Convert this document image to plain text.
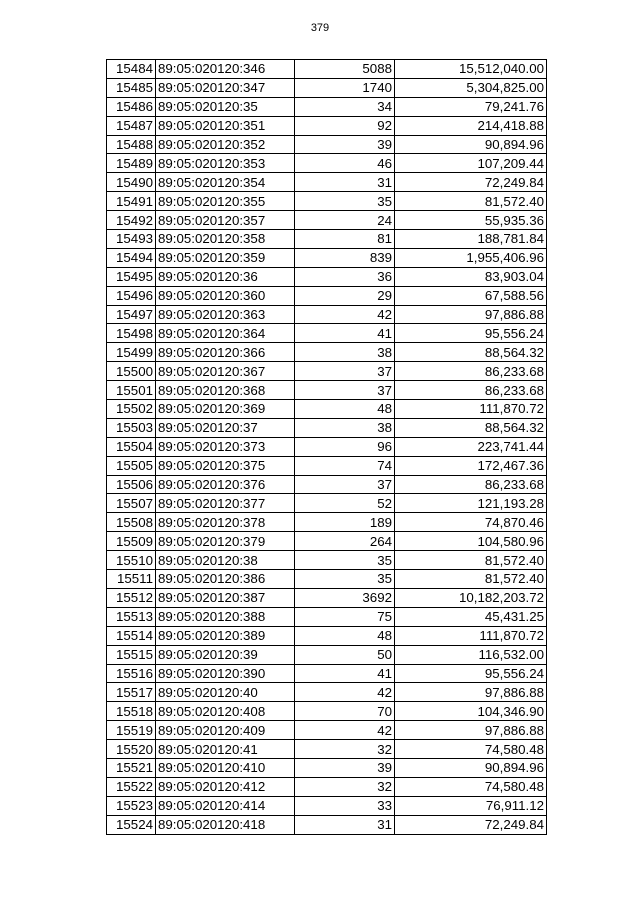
379
15484	89:05:020120:346	5088	15,512,040.00
15485	89:05:020120:347	1740	5,304,825.00
15486	89:05:020120:35	34	79,241.76
15487	89:05:020120:351	92	214,418.88
15488	89:05:020120:352	39	90,894.96
15489	89:05:020120:353	46	107,209.44
15490	89:05:020120:354	31	72,249.84
15491	89:05:020120:355	35	81,572.40
15492	89:05:020120:357	24	55,935.36
15493	89:05:020120:358	81	188,781.84
15494	89:05:020120:359	839	1,955,406.96
15495	89:05:020120:36	36	83,903.04
15496	89:05:020120:360	29	67,588.56
15497	89:05:020120:363	42	97,886.88
15498	89:05:020120:364	41	95,556.24
15499	89:05:020120:366	38	88,564.32
15500	89:05:020120:367	37	86,233.68
15501	89:05:020120:368	37	86,233.68
15502	89:05:020120:369	48	111,870.72
15503	89:05:020120:37	38	88,564.32
15504	89:05:020120:373	96	223,741.44
15505	89:05:020120:375	74	172,467.36
15506	89:05:020120:376	37	86,233.68
15507	89:05:020120:377	52	121,193.28
15508	89:05:020120:378	189	74,870.46
15509	89:05:020120:379	264	104,580.96
15510	89:05:020120:38	35	81,572.40
15511	89:05:020120:386	35	81,572.40
15512	89:05:020120:387	3692	10,182,203.72
15513	89:05:020120:388	75	45,431.25
15514	89:05:020120:389	48	111,870.72
15515	89:05:020120:39	50	116,532.00
15516	89:05:020120:390	41	95,556.24
15517	89:05:020120:40	42	97,886.88
15518	89:05:020120:408	70	104,346.90
15519	89:05:020120:409	42	97,886.88
15520	89:05:020120:41	32	74,580.48
15521	89:05:020120:410	39	90,894.96
15522	89:05:020120:412	32	74,580.48
15523	89:05:020120:414	33	76,911.12
15524	89:05:020120:418	31	72,249.84
